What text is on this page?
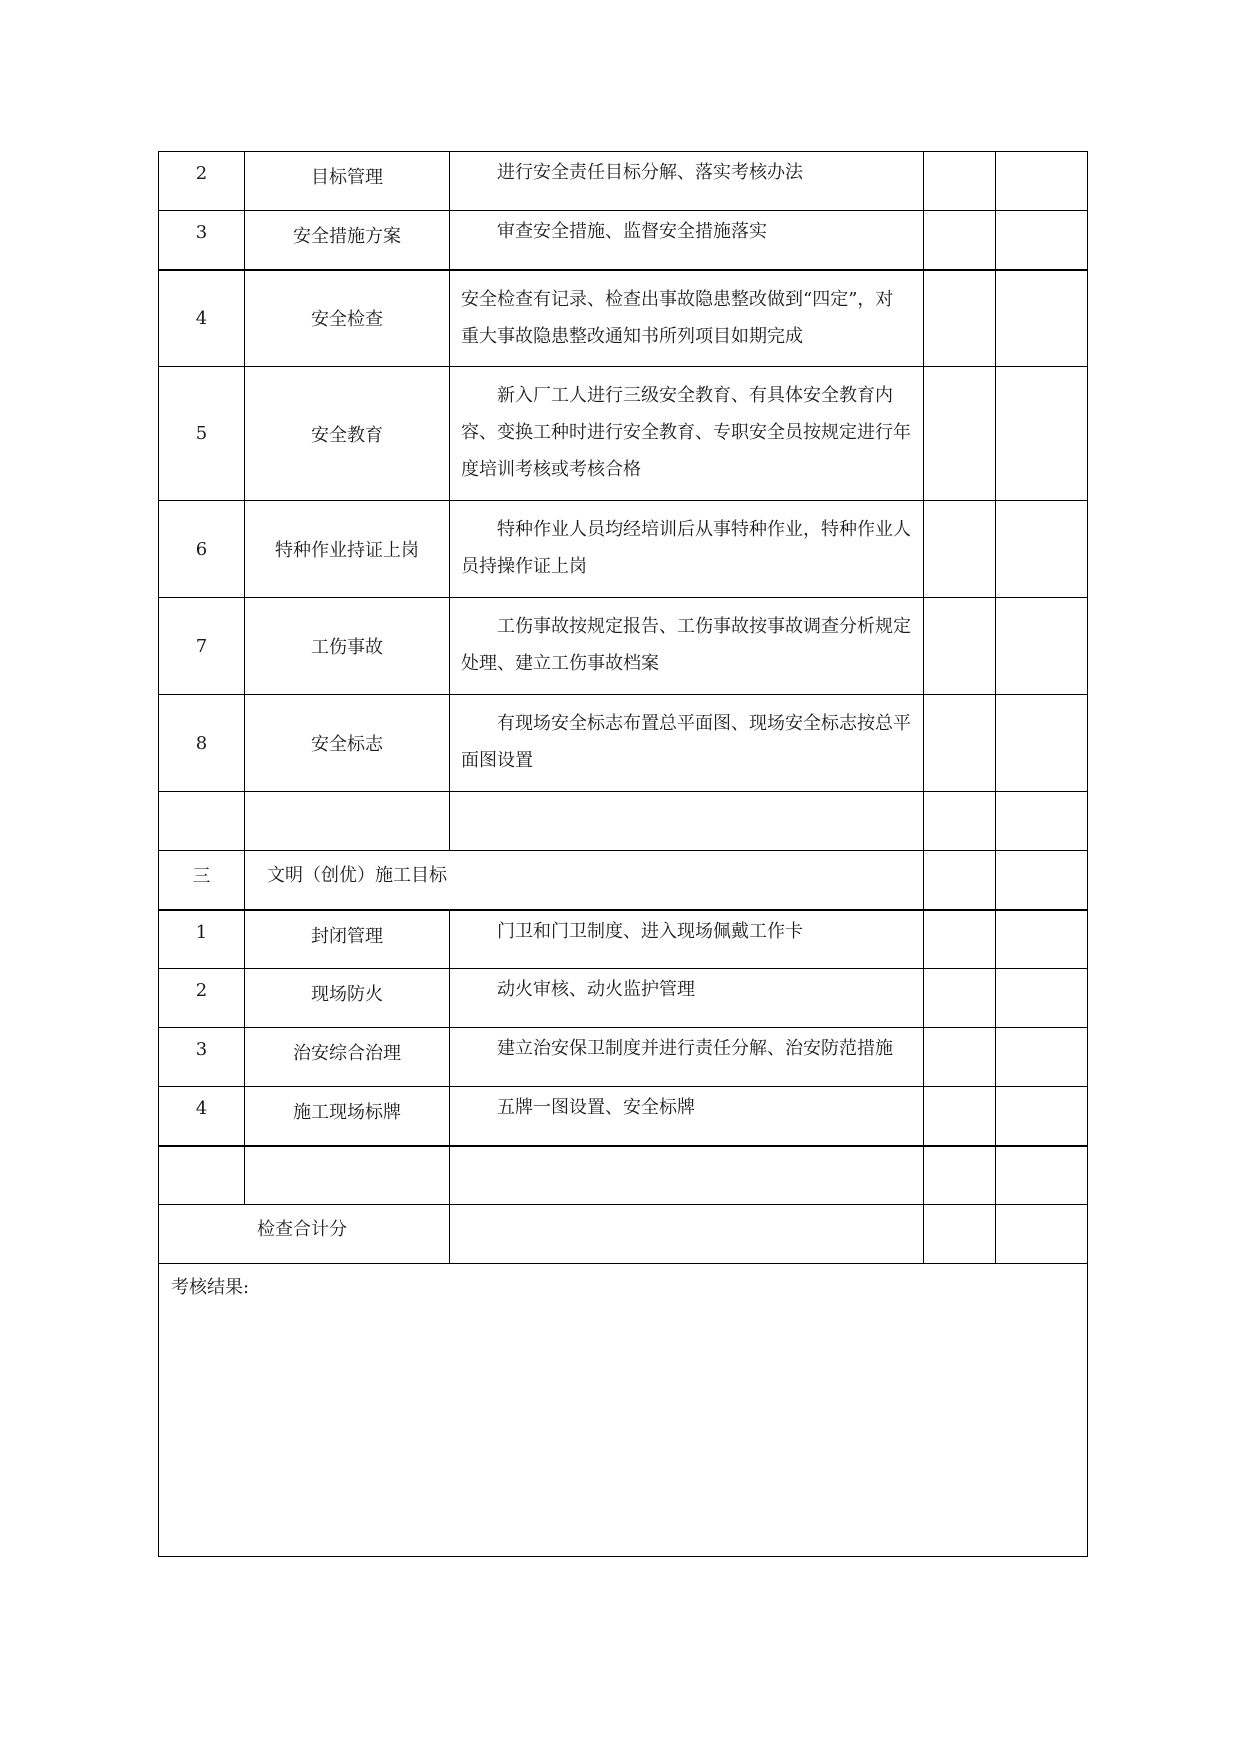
2	目标管理	进行安全责任目标分解、落实考核办法		
3	安全措施方案	审查安全措施、监督安全措施落实		
4	安全检查	安全检查有记录、检查出事故隐患整改做到“四定”，对重大事故隐患整改通知书所列项目如期完成		
5	安全教育	新入厂工人进行三级安全教育、有具体安全教育内容、变换工种时进行安全教育、专职安全员按规定进行年度培训考核或考核合格		
6	特种作业持证上岗	特种作业人员均经培训后从事特种作业，特种作业人员持操作证上岗		
7	工伤事故	工伤事故按规定报告、工伤事故按事故调查分析规定处理、建立工伤事故档案		
8	安全标志	有现场安全标志布置总平面图、现场安全标志按总平面图设置		

三	文明（创优）施工目标			
1	封闭管理	门卫和门卫制度、进入现场佩戴工作卡		
2	现场防火	动火审核、动火监护管理		
3	治安综合治理	建立治安保卫制度并进行责任分解、治安防范措施		
4	施工现场标牌	五牌一图设置、安全标牌		

检查合计分				
考核结果:				
